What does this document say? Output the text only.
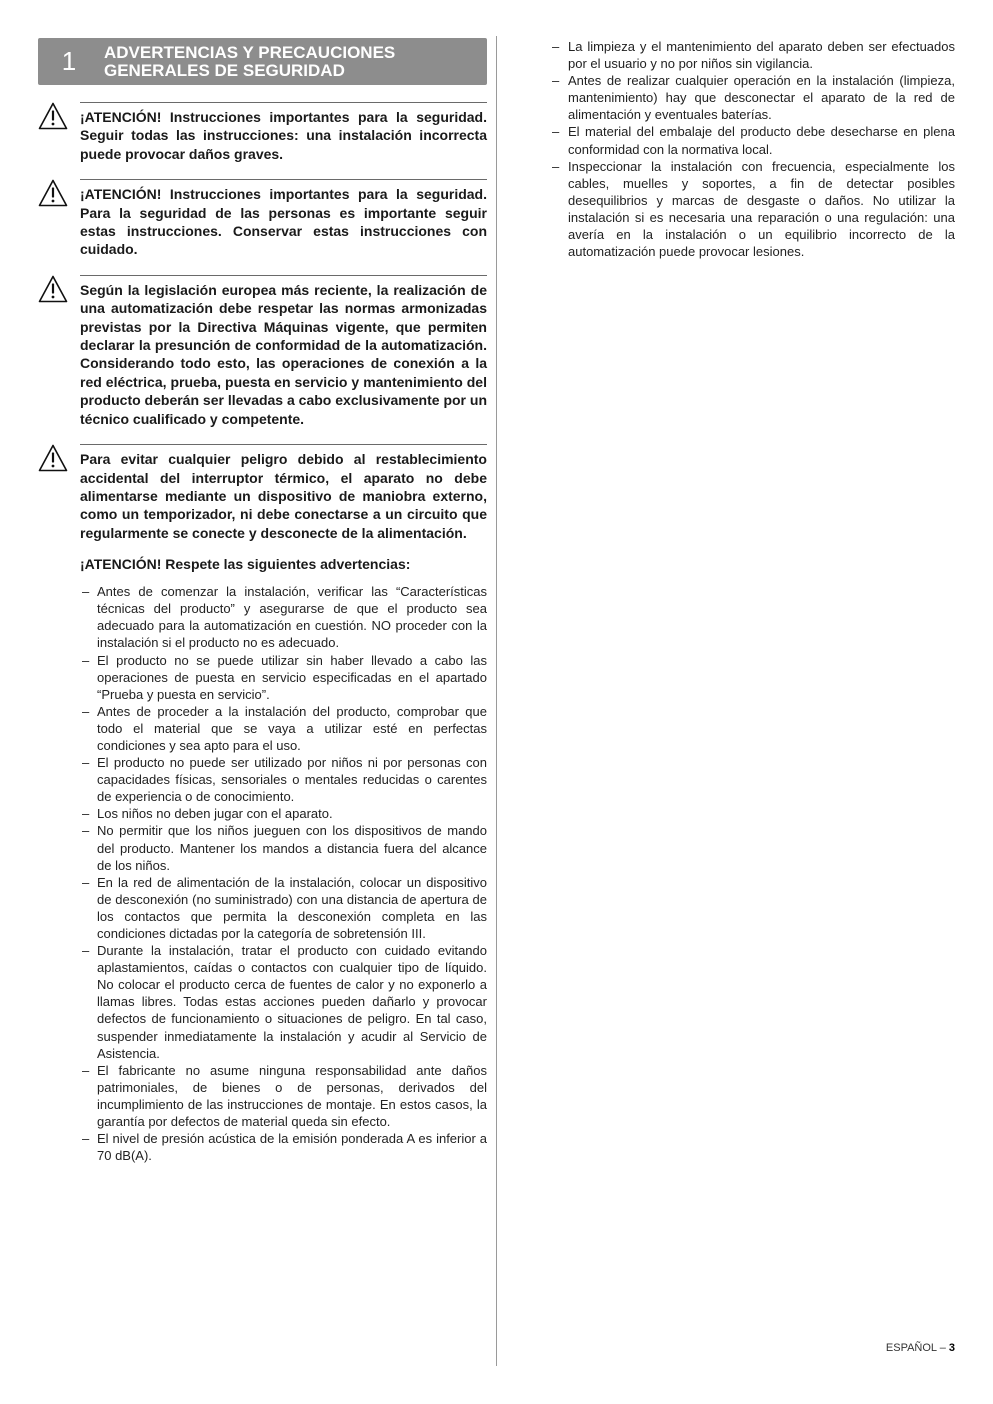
1	ADVERTENCIAS Y PRECAUCIONES
GENERALES DE SEGURIDAD
¡ATENCIÓN! Instrucciones importantes para la seguridad. Seguir todas las instrucciones: una instalación incorrecta puede provocar daños graves.
¡ATENCIÓN! Instrucciones importantes para la seguridad. Para la seguridad de las personas es importante seguir estas instrucciones. Conservar estas instrucciones con cuidado.
Según la legislación europea más reciente, la realización de una automatización debe respetar las normas armonizadas previstas por la Directiva Máquinas vigente, que permiten declarar la presunción de conformidad de la automatización. Considerando todo esto, las operaciones de conexión a la red eléctrica, prueba, puesta en servicio y mantenimiento del producto deberán ser llevadas a cabo exclusivamente por un técnico cualificado y competente.
Para evitar cualquier peligro debido al restablecimiento accidental del interruptor térmico, el aparato no debe alimentarse mediante un dispositivo de maniobra externo, como un temporizador, ni debe conectarse a un circuito que regularmente se conecte y desconecte de la alimentación.
¡ATENCIÓN! Respete las siguientes advertencias:
– Antes de comenzar la instalación, verificar las “Características técnicas del producto” y asegurarse de que el producto sea adecuado para la automatización en cuestión. NO proceder con la instalación si el producto no es adecuado.
– El producto no se puede utilizar sin haber llevado a cabo las operaciones de puesta en servicio especificadas en el apartado “Prueba y puesta en servicio”.
– Antes de proceder a la instalación del producto, comprobar que todo el material que se vaya a utilizar esté en perfectas condiciones y sea apto para el uso.
– El producto no puede ser utilizado por niños ni por personas con capacidades físicas, sensoriales o mentales reducidas o carentes de experiencia o de conocimiento.
– Los niños no deben jugar con el aparato.
– No permitir que los niños jueguen con los dispositivos de mando del producto. Mantener los mandos a distancia fuera del alcance de los niños.
– En la red de alimentación de la instalación, colocar un dispositivo de desconexión (no suministrado) con una distancia de apertura de los contactos que permita la desconexión completa en las condiciones dictadas por la categoría de sobretensión III.
– Durante la instalación, tratar el producto con cuidado evitando aplastamientos, caídas o contactos con cualquier tipo de líquido. No colocar el producto cerca de fuentes de calor y no exponerlo a llamas libres. Todas estas acciones pueden dañarlo y provocar defectos de funcionamiento o situaciones de peligro. En tal caso, suspender inmediatamente la instalación y acudir al Servicio de Asistencia.
– El fabricante no asume ninguna responsabilidad ante daños patrimoniales, de bienes o de personas, derivados del incumplimiento de las instrucciones de montaje. En estos casos, la garantía por defectos de material queda sin efecto.
– El nivel de presión acústica de la emisión ponderada A es inferior a 70 dB(A).
– La limpieza y el mantenimiento del aparato deben ser efectuados por el usuario y no por niños sin vigilancia.
– Antes de realizar cualquier operación en la instalación (limpieza, mantenimiento) hay que desconectar el aparato de la red de alimentación y eventuales baterías.
– El material del embalaje del producto debe desecharse en plena conformidad con la normativa local.
– Inspeccionar la instalación con frecuencia, especialmente los cables, muelles y soportes, a fin de detectar posibles desequilibrios y marcas de desgaste o daños. No utilizar la instalación si es necesaria una reparación o una regulación: una avería en la instalación o un equilibrio incorrecto de la automatización puede provocar lesiones.
ESPAÑOL – 3
